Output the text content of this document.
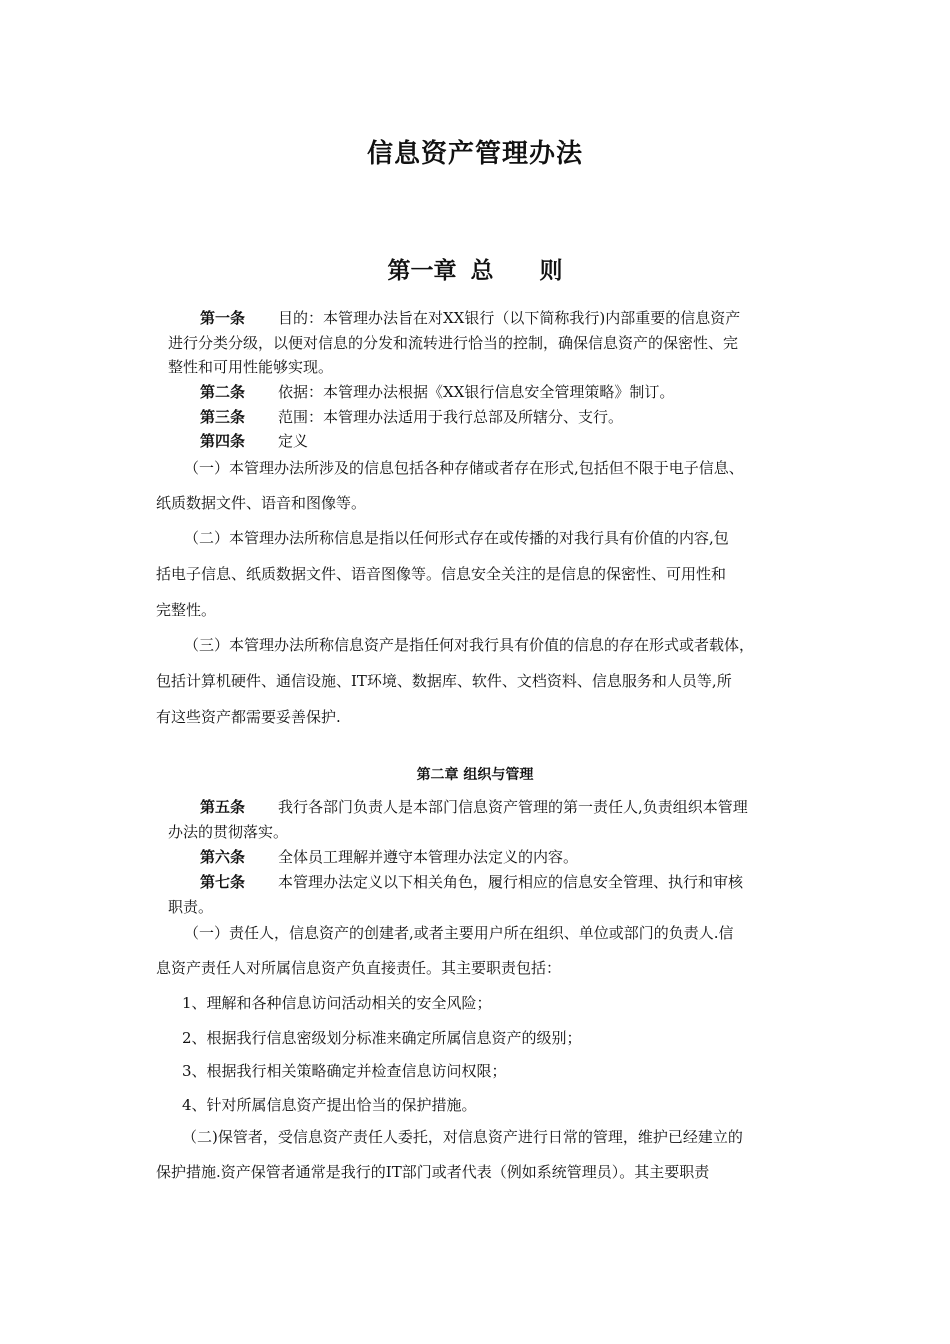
信息资产管理办法
第一章 总　　则
第一条 目的：本管理办法旨在对XX银行（以下简称我行)内部重要的信息资产
进行分类分级，以便对信息的分发和流转进行恰当的控制，确保信息资产的保密性、完
整性和可用性能够实现。
第二条 依据：本管理办法根据《XX银行信息安全管理策略》制订。
第三条 范围：本管理办法适用于我行总部及所辖分、支行。
第四条 定义
（一）本管理办法所涉及的信息包括各种存储或者存在形式,包括但不限于电子信息、
纸质数据文件、语音和图像等。
（二）本管理办法所称信息是指以任何形式存在或传播的对我行具有价值的内容,包
括电子信息、纸质数据文件、语音图像等。信息安全关注的是信息的保密性、可用性和
完整性。
（三）本管理办法所称信息资产是指任何对我行具有价值的信息的存在形式或者载体，
包括计算机硬件、通信设施、IT环境、数据库、软件、文档资料、信息服务和人员等,所
有这些资产都需要妥善保护.
第二章 组织与管理
第五条 我行各部门负责人是本部门信息资产管理的第一责任人,负责组织本管理
办法的贯彻落实。
第六条 全体员工理解并遵守本管理办法定义的内容。
第七条 本管理办法定义以下相关角色，履行相应的信息安全管理、执行和审核
职责。
（一）责任人，信息资产的创建者,或者主要用户所在组织、单位或部门的负责人.信
息资产责任人对所属信息资产负直接责任。其主要职责包括：
1、理解和各种信息访问活动相关的安全风险；
2、根据我行信息密级划分标准来确定所属信息资产的级别；
3、根据我行相关策略确定并检查信息访问权限；
4、针对所属信息资产提出恰当的保护措施。
（二)保管者，受信息资产责任人委托，对信息资产进行日常的管理，维护已经建立的
保护措施.资产保管者通常是我行的IT部门或者代表（例如系统管理员）。其主要职责
